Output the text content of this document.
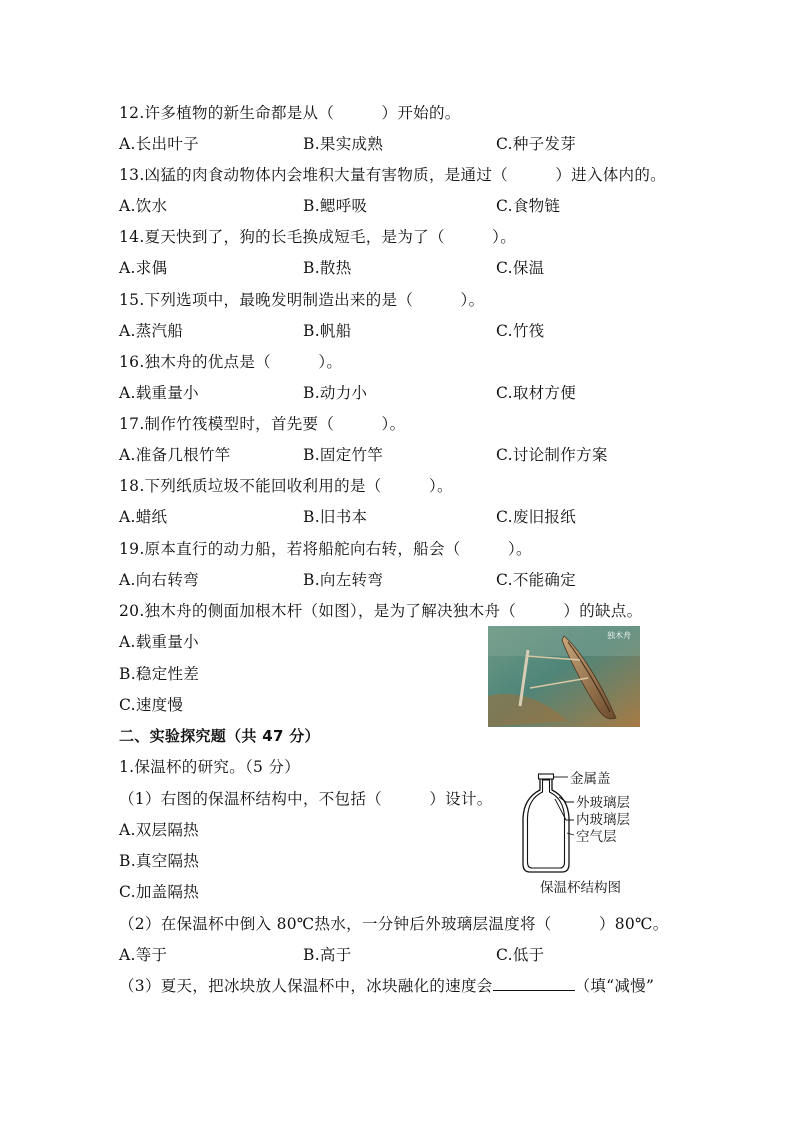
12.许多植物的新生命都是从（　　　）开始的。
A.长出叶子	B.果实成熟	C.种子发芽
13.凶猛的肉食动物体内会堆积大量有害物质，是通过（　　　）进入体内的。
A.饮水	B.鳃呼吸	C.食物链
14.夏天快到了，狗的长毛换成短毛，是为了（　　　）。
A.求偶	B.散热	C.保温
15.下列选项中，最晚发明制造出来的是（　　　）。
A.蒸汽船	B.帆船	C.竹筏
16.独木舟的优点是（　　　）。
A.载重量小	B.动力小	C.取材方便
17.制作竹筏模型时，首先要（　　　）。
A.准备几根竹竿	B.固定竹竿	C.讨论制作方案
18.下列纸质垃圾不能回收利用的是（　　　）。
A.蜡纸	B.旧书本	C.废旧报纸
19.原本直行的动力船，若将船舵向右转，船会（　　　）。
A.向右转弯	B.向左转弯	C.不能确定
20.独木舟的侧面加根木杆（如图），是为了解决独木舟（　　　）的缺点。
A.载重量小
B.稳定性差
C.速度慢
独木舟
二、实验探究题（共 47 分）
1.保温杯的研究。（5 分）
（1）右图的保温杯结构中，不包括（　　　）设计。
A.双层隔热
B.真空隔热
C.加盖隔热
金属盖
外玻璃层
内玻璃层
空气层
保温杯结构图
（2）在保温杯中倒入 80℃热水，一分钟后外玻璃层温度将（　　　）80℃。
A.等于	B.高于	C.低于
（3）夏天，把冰块放人保温杯中，冰块融化的速度会	（填“减慢”
